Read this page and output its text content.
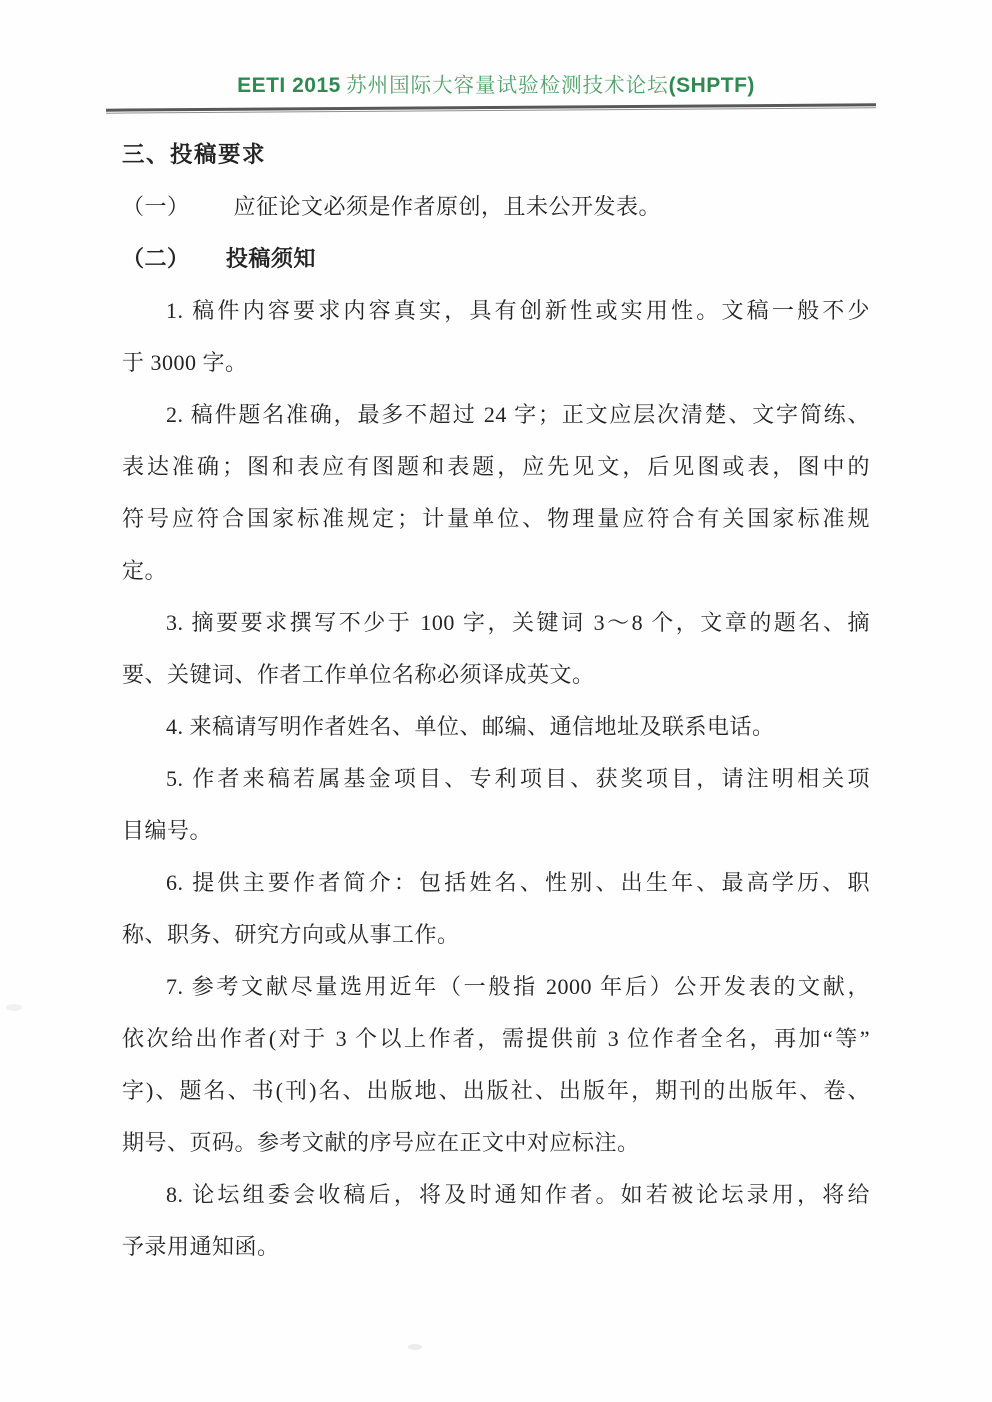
EETI 2015 苏州国际大容量试验检测技术论坛(SHPTF)
三、投稿要求
（一） 应征论文必须是作者原创，且未公开发表。
（二） 投稿须知
1. 稿件内容要求内容真实，具有创新性或实用性。文稿一般不少
于 3000 字。
2. 稿件题名准确，最多不超过 24 字；正文应层次清楚、文字简练、
表达准确；图和表应有图题和表题，应先见文，后见图或表，图中的
符号应符合国家标准规定；计量单位、物理量应符合有关国家标准规
定。
3. 摘要要求撰写不少于 100 字，关键词 3～8 个，文章的题名、摘
要、关键词、作者工作单位名称必须译成英文。
4. 来稿请写明作者姓名、单位、邮编、通信地址及联系电话。
5. 作者来稿若属基金项目、专利项目、获奖项目，请注明相关项
目编号。
6. 提供主要作者简介：包括姓名、性别、出生年、最高学历、职
称、职务、研究方向或从事工作。
7. 参考文献尽量选用近年（一般指 2000 年后）公开发表的文献，
依次给出作者(对于 3 个以上作者，需提供前 3 位作者全名，再加“等”
字)、题名、书(刊)名、出版地、出版社、出版年，期刊的出版年、卷、
期号、页码。参考文献的序号应在正文中对应标注。
8. 论坛组委会收稿后，将及时通知作者。如若被论坛录用，将给
予录用通知函。
